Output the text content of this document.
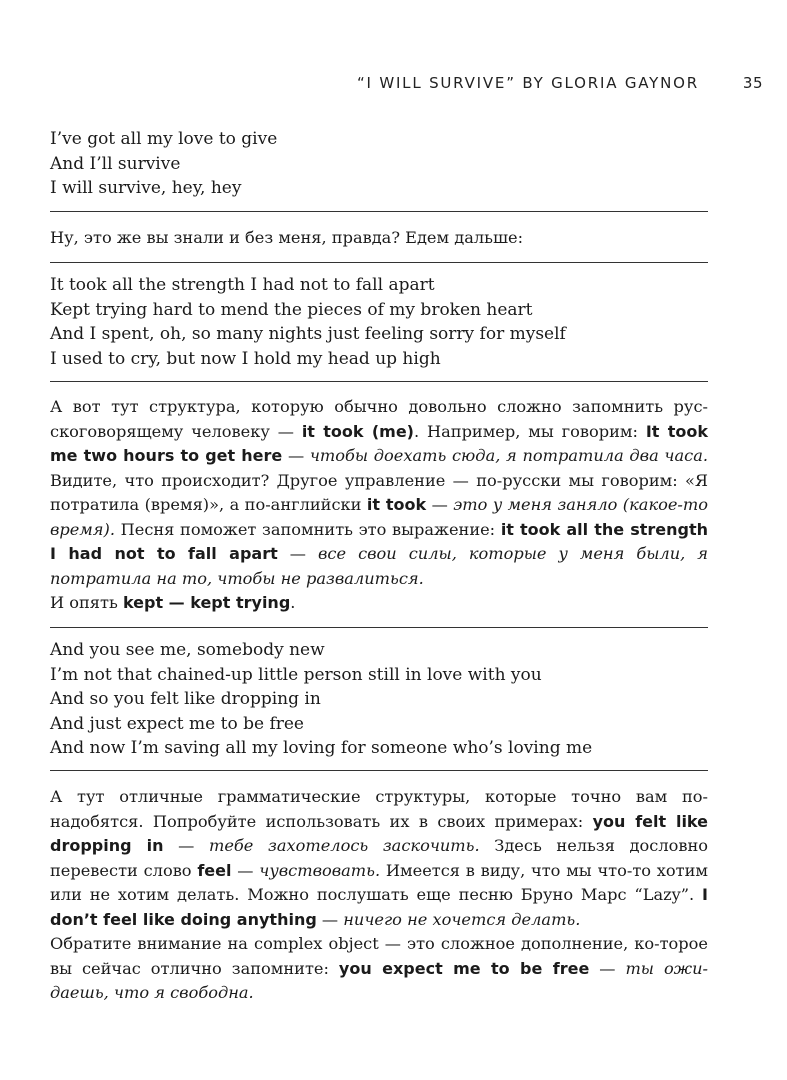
“I WILL SURVIVE” BY GLORIA GAYNOR	35
I’ve got all my love to give
And I’ll survive
I will survive, hey, hey

Ну, это же вы знали и без меня, правда? Едем дальше:

It took all the strength I had not to fall apart
Kept trying hard to mend the pieces of my broken heart
And I spent, oh, so many nights just feeling sorry for myself
I used to cry, but now I hold my head up high

А вот тут структура, которую обычно довольно сложно запомнить рус-скоговорящему человеку — it took (me). Например, мы говорим: It took me two hours to get here — чтобы доехать сюда, я потратила два часа. Видите, что происходит? Другое управление — по-русски мы говорим: «Я потратила (время)», а по-английски it took — это у меня заняло (какое-то время). Песня поможет запомнить это выражение: it took all the strength I had not to fall apart — все свои силы, которые у меня были, я потратила на то, чтобы не развалиться.

И опять kept — kept trying.

And you see me, somebody new
I’m not that chained-up little person still in love with you
And so you felt like dropping in
And just expect me to be free
And now I’m saving all my loving for someone who’s loving me

А тут отличные грамматические структуры, которые точно вам по-надобятся. Попробуйте использовать их в своих примерах: you felt like dropping in — тебе захотелось заскочить. Здесь нельзя дословно перевести слово feel — чувствовать. Имеется в виду, что мы что-то хотим или не хотим делать. Можно послушать еще песню Бруно Марс “Lazy”. I don’t feel like doing anything — ничего не хочется делать.

Обратите внимание на complex object — это сложное дополнение, ко-торое вы сейчас отлично запомните: you expect me to be free — ты ожи-даешь, что я свободна.
